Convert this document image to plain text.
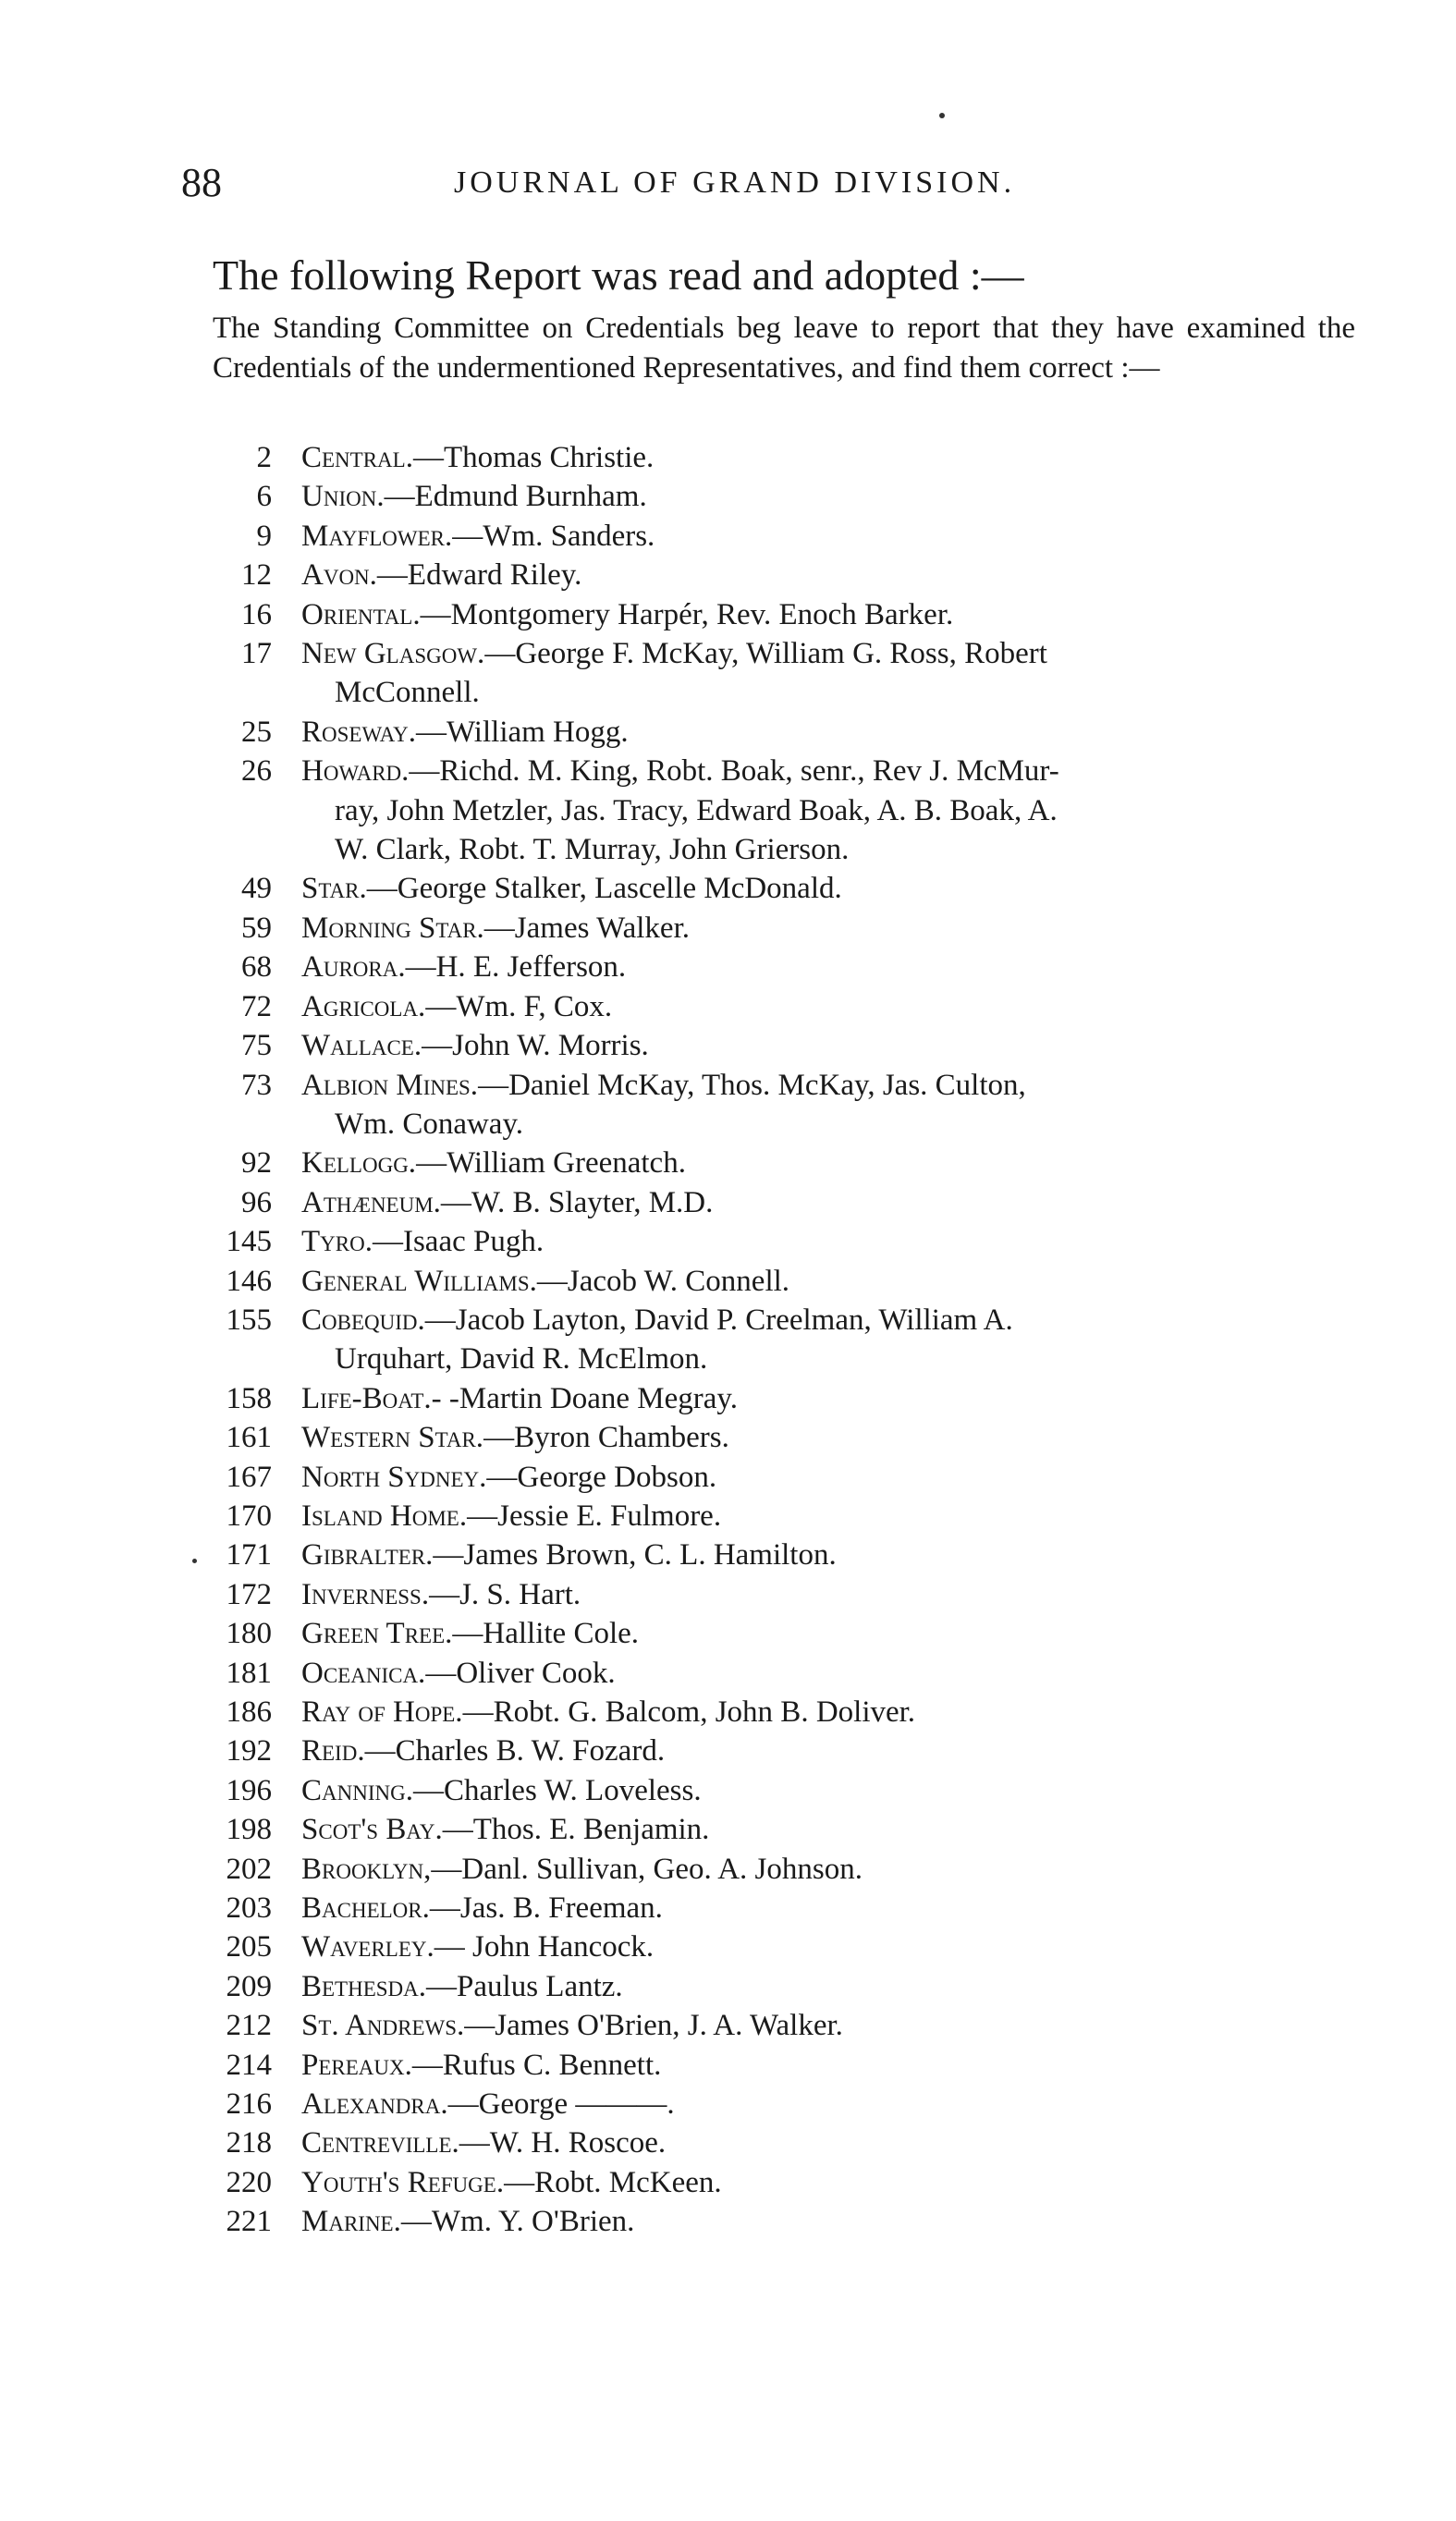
88	JOURNAL OF GRAND DIVISION.
The following Report was read and adopted :—
The Standing Committee on Credentials beg leave to report that they have examined the Credentials of the undermentioned Representatives, and find them correct :—
2 Central.—Thomas Christie.
6 Union.—Edmund Burnham.
9 Mayflower.—Wm. Sanders.
12 Avon.—Edward Riley.
16 Oriental.—Montgomery Harpér, Rev. Enoch Barker.
17 New Glasgow.—George F. McKay, William G. Ross, Robert
McConnell.
25 Roseway.—William Hogg.
26 Howard.—Richd. M. King, Robt. Boak, senr., Rev J. McMur-
ray, John Metzler, Jas. Tracy, Edward Boak, A. B. Boak, A.
W. Clark, Robt. T. Murray, John Grierson.
49 Star.—George Stalker, Lascelle McDonald.
59 Morning Star.—James Walker.
68 Aurora.—H. E. Jefferson.
72 Agricola.—Wm. F, Cox.
75 Wallace.—John W. Morris.
73 Albion Mines.—Daniel McKay, Thos. McKay, Jas. Culton,
Wm. Conaway.
92 Kellogg.—William Greenatch.
96 Athæneum.—W. B. Slayter, M.D.
145 Tyro.—Isaac Pugh.
146 General Williams.—Jacob W. Connell.
155 Cobequid.—Jacob Layton, David P. Creelman, William A.
Urquhart, David R. McElmon.
158 Life-Boat.- -Martin Doane Megray.
161 Western Star.—Byron Chambers.
167 North Sydney.—George Dobson.
170 Island Home.—Jessie E. Fulmore.
171 Gibralter.—James Brown, C. L. Hamilton.
172 Inverness.—J. S. Hart.
180 Green Tree.—Hallite Cole.
181 Oceanica.—Oliver Cook.
186 Ray of Hope.—Robt. G. Balcom, John B. Doliver.
192 Reid.—Charles B. W. Fozard.
196 Canning.—Charles W. Loveless.
198 Scot's Bay.—Thos. E. Benjamin.
202 Brooklyn,—Danl. Sullivan, Geo. A. Johnson.
203 Bachelor.—Jas. B. Freeman.
205 Waverley.— John Hancock.
209 Bethesda.—Paulus Lantz.
212 St. Andrews.—James O'Brien, J. A. Walker.
214 Pereaux.—Rufus C. Bennett.
216 Alexandra.—George ———.
218 Centreville.—W. H. Roscoe.
220 Youth's Refuge.—Robt. McKeen.
221 Marine.—Wm. Y. O'Brien.
